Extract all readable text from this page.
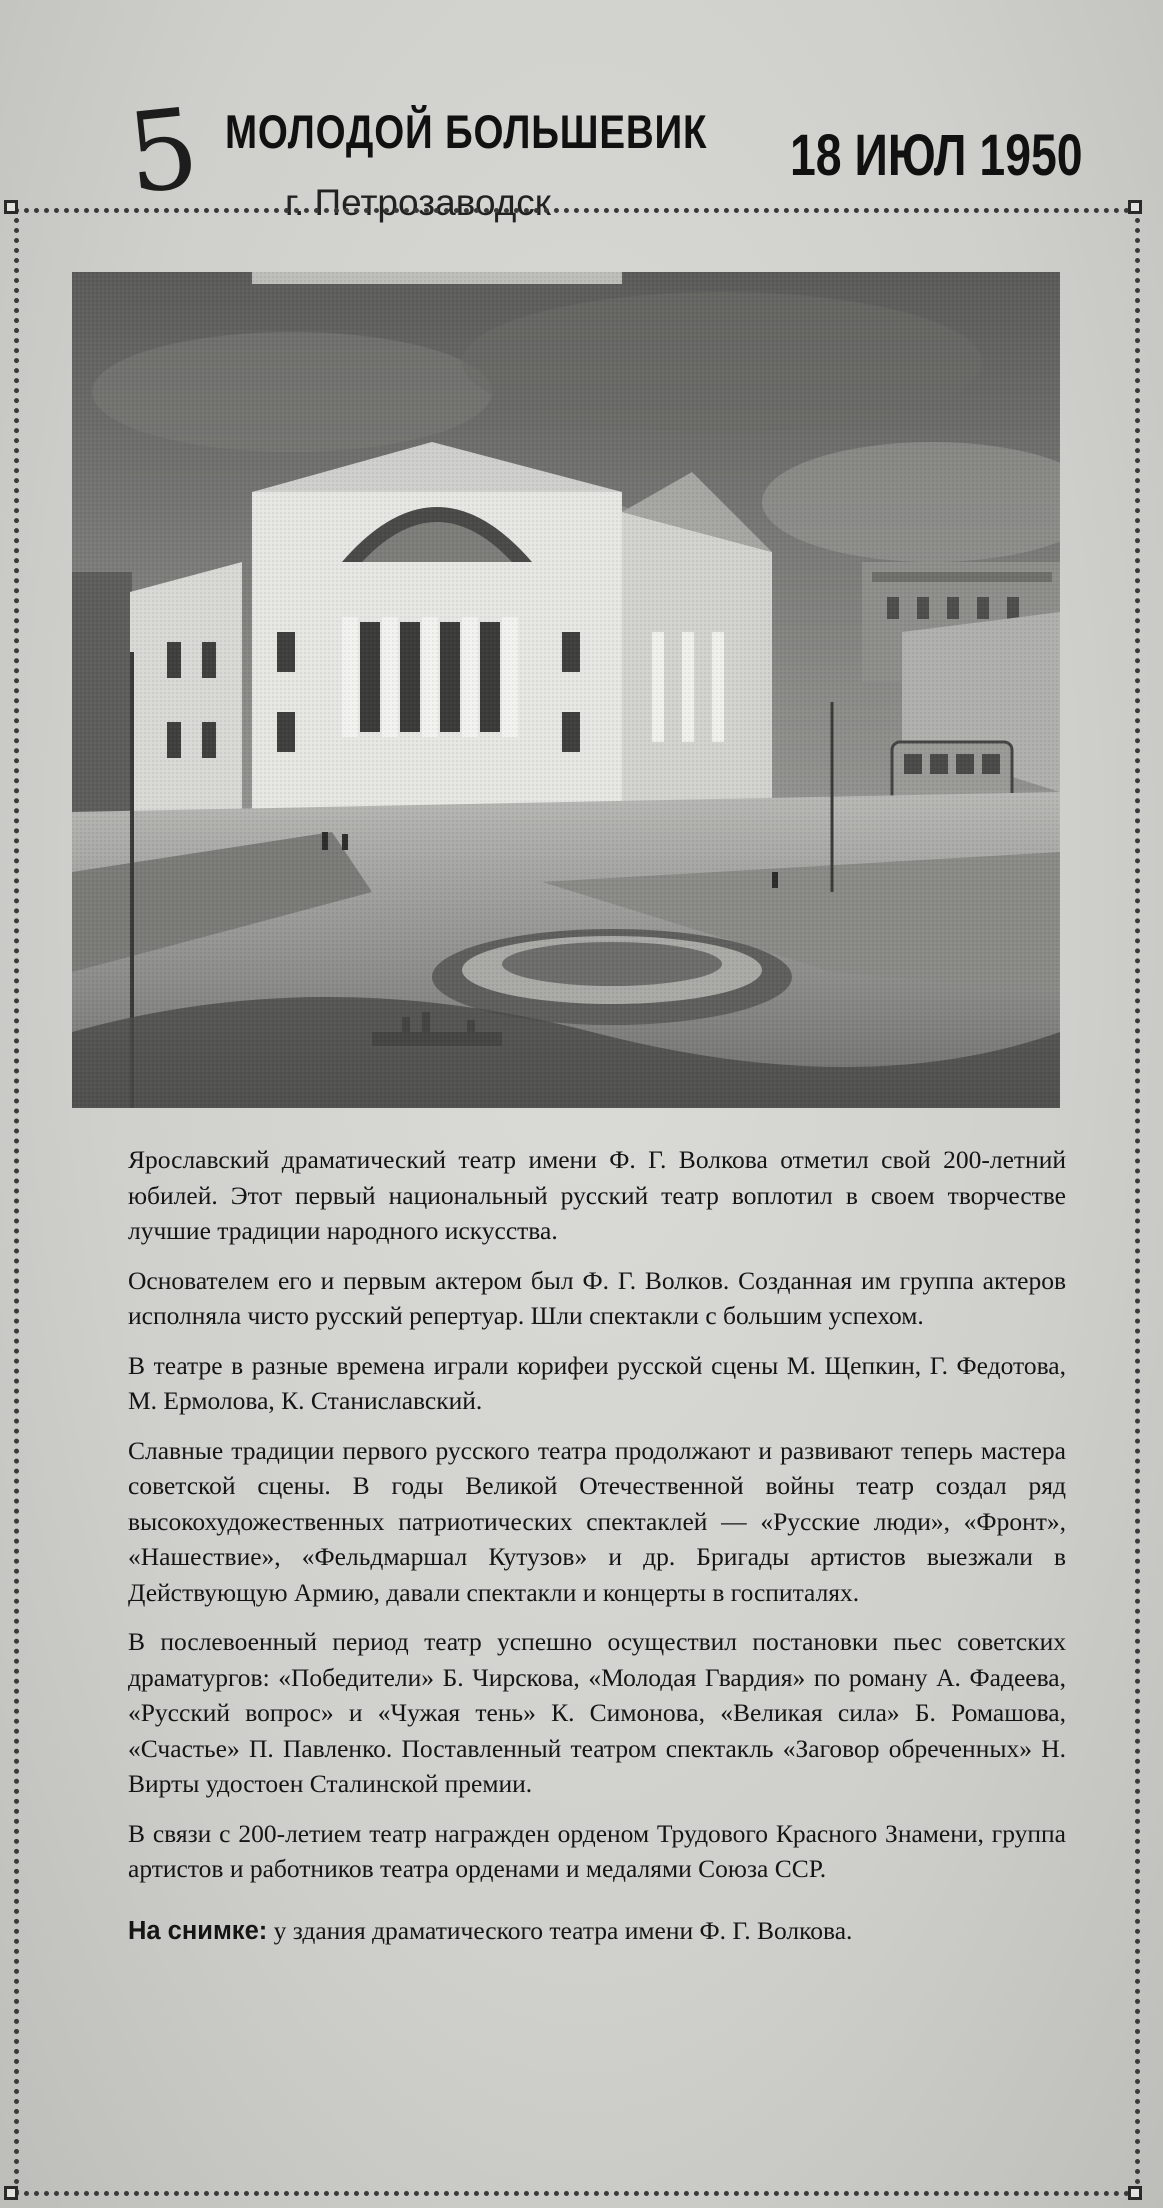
5 МОЛОДОЙ БОЛЬШЕВИК
г. Петрозаводск
18 ИЮЛ 1950

Ярославский драматический театр имени Ф. Г. Волкова отметил свой 200-летний юбилей. Этот первый национальный русский театр воплотил в своем творчестве лучшие традиции народного искусства.

Основателем его и первым актером был Ф. Г. Волков. Созданная им группа актеров исполняла чисто русский репертуар. Шли спектакли с большим успехом.

В театре в разные времена играли корифеи русской сцены М. Щепкин, Г. Федотова, М. Ермолова, К. Станиславский.

Славные традиции первого русского театра продолжают и развивают теперь мастера советской сцены. В годы Великой Отечественной войны театр создал ряд высокохудожественных патриотических спектаклей — «Русские люди», «Фронт», «Нашествие», «Фельдмаршал Кутузов» и др. Бригады артистов выезжали в Действующую Армию, давали спектакли и концерты в госпиталях.

В послевоенный период театр успешно осуществил постановки пьес советских драматургов: «Победители» Б. Чирскова, «Молодая Гвардия» по роману А. Фадеева, «Русский вопрос» и «Чужая тень» К. Симонова, «Великая сила» Б. Ромашова, «Счастье» П. Павленко. Поставленный театром спектакль «Заговор обреченных» Н. Вирты удостоен Сталинской премии.

В связи с 200-летием театр награжден орденом Трудового Красного Знамени, группа артистов и работников театра орденами и медалями Союза ССР.

На снимке: у здания драматического театра имени Ф. Г. Волкова.
